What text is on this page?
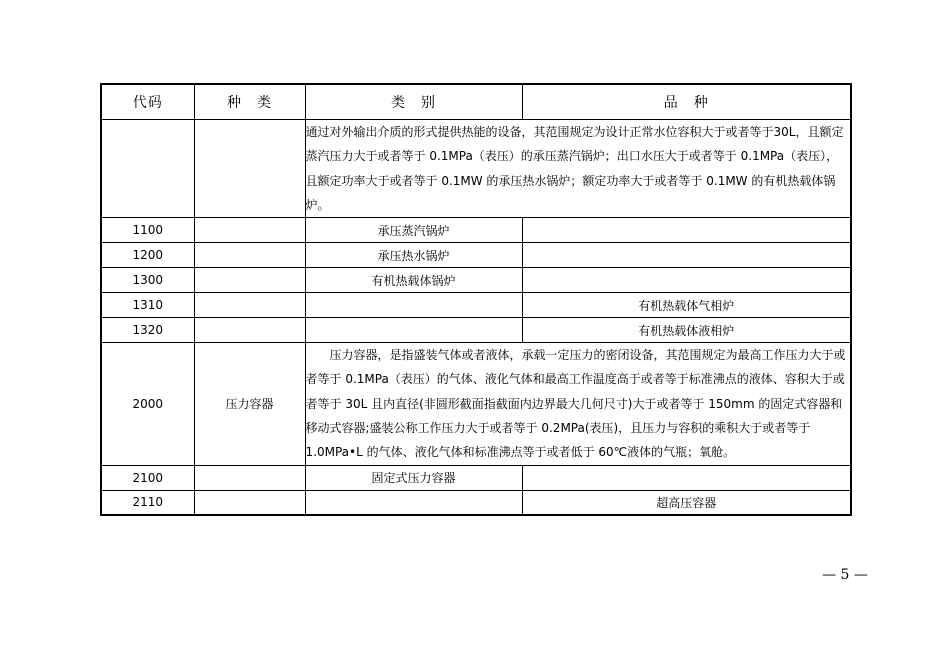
代码	种　类	类　别	品　种
		通过对外输出介质的形式提供热能的设备，其范围规定为设计正常水位容积大于或者等于30L，且额定蒸汽压力大于或者等于 0.1MPa（表压）的承压蒸汽锅炉；出口水压大于或者等于 0.1MPa（表压），且额定功率大于或者等于 0.1MW 的承压热水锅炉；额定功率大于或者等于 0.1MW 的有机热载体锅炉。	
1100		承压蒸汽锅炉	
1200		承压热水锅炉	
1300		有机热载体锅炉	
1310			有机热载体气相炉
1320			有机热载体液相炉
2000	压力容器	压力容器，是指盛装气体或者液体，承载一定压力的密闭设备，其范围规定为最高工作压力大于或者等于 0.1MPa（表压）的气体、液化气体和最高工作温度高于或者等于标准沸点的液体、容积大于或者等于 30L 且内直径(非圆形截面指截面内边界最大几何尺寸)大于或者等于 150mm 的固定式容器和移动式容器;盛装公称工作压力大于或者等于 0.2MPa(表压)，且压力与容积的乘积大于或者等于 1.0MPa•L 的气体、液化气体和标准沸点等于或者低于 60℃液体的气瓶；氧舱。	
2100		固定式压力容器	
2110			超高压容器
— 5 —
